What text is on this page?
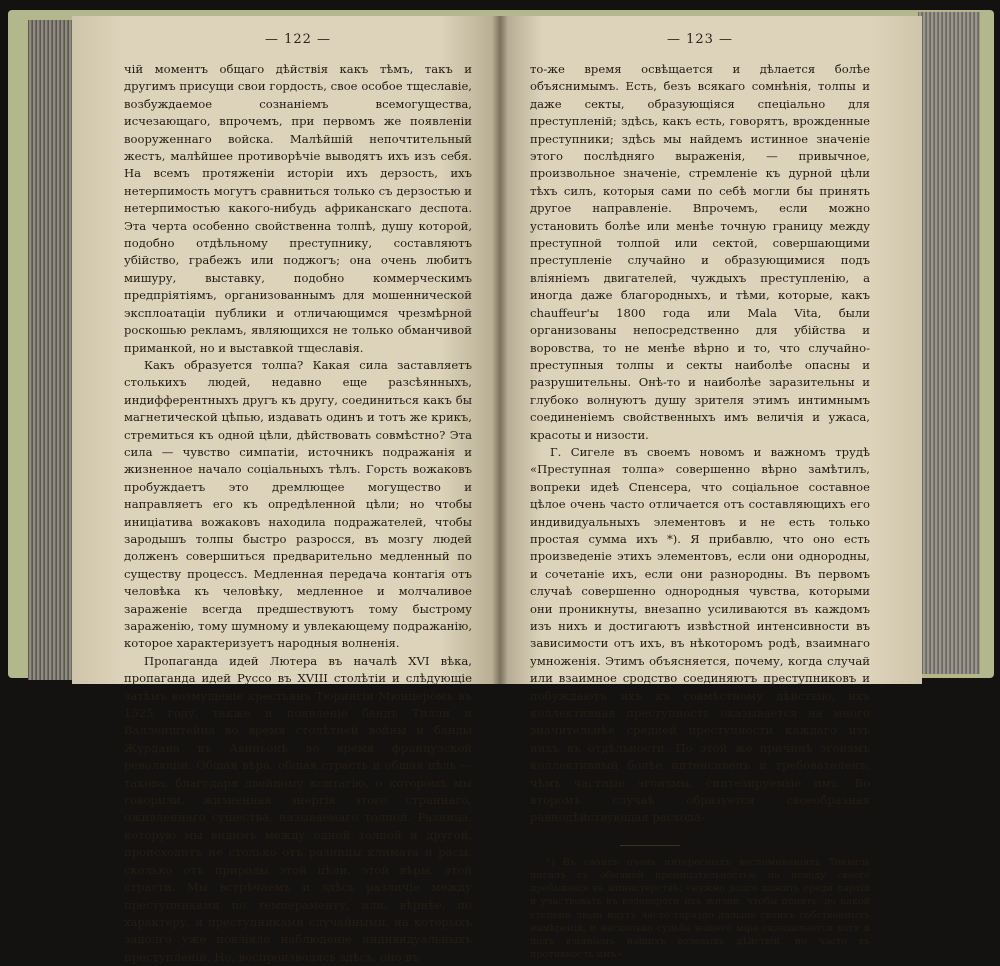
— 122 —

чій моментъ общаго дѣйствія какъ тѣмъ, такъ и другимъ присущи свои гордость, свое особое тщеславіе, возбуждаемое сознаніемъ всемогущества, исчезающаго, впрочемъ, при первомъ же появленіи вооруженнаго войска. Малѣйшій непочтительный жестъ, малѣйшее противорѣчіе выводятъ ихъ изъ себя. На всемъ протяженіи исторіи ихъ дерзость, ихъ нетерпимость могутъ сравниться только съ дерзостью и нетерпимостью какого-нибудь африканскаго деспота. Эта черта особенно свойственна толпѣ, душу которой, подобно отдѣльному преступнику, составляютъ убійство, грабежъ или поджогъ; она очень любитъ мишуру, выставку, подобно коммерческимъ предпріятіямъ, организованнымъ для мошеннической эксплоатаціи публики и отличающимся чрезмѣрной роскошью рекламъ, являющихся не только обманчивой приманкой, но и выставкой тщеславія.

Какъ образуется толпа? Какая сила заставляетъ столькихъ людей, недавно еще разсѣянныхъ, индифферентныхъ другъ къ другу, соединиться какъ бы магнетической цѣпью, издавать одинъ и тотъ же крикъ, стремиться къ одной цѣли, дѣйствовать совмѣстно? Эта сила — чувство симпатіи, источникъ подражанія и жизненное начало соціальныхъ тѣлъ. Горсть вожаковъ пробуждаетъ это дремлющее могущество и направляетъ его къ опредѣленной цѣли; но чтобы иниціатива вожаковъ находила подражателей, чтобы зародышъ толпы быстро разросся, въ мозгу людей долженъ совершиться предварительно медленный по существу процессъ. Медленная передача контагія отъ человѣка къ человѣку, медленное и молчаливое зараженіе всегда предшествуютъ тому быстрому зараженію, тому шумному и увлекающему подражанію, которое характеризуетъ народныя волненія.

Пропаганда идей Лютера въ началѣ XVI вѣка, пропаганда идей Руссо въ XVIII столѣтіи и слѣдующіе затѣмъ возмущеніе крестьянъ Тюрингіи Мюнцеромъ въ 1525 году, также и появленіе бандъ Тилли и Валленштейна во время столѣтней войны и банды Журдана въ Авиньонѣ во время французской революціи. Общая вѣра, общая страсть и общая цѣль — такова, благодаря двойному контагію, о которомъ мы говорили, жизненная энергія этого страннаго, оживленнаго существа, называемаго толпой. Разница, которую мы видимъ между одной толпой и другой, происходитъ не столько отъ разницы климата и расы, сколько отъ природы этой цѣли, этой вѣры, этой страсти. Мы встрѣчаемъ и здѣсь различіе между преступниками по темпераменту, или, вѣрнѣе, по характеру, и преступниками случайными, на которыхъ задолго уже повліяло наблюденіе индивидуальныхъ преступленій. Но, воспроизводясь здѣсь, оно въ

— 123 —

то-же время освѣщается и дѣлается болѣе объяснимымъ. Есть, безъ всякаго сомнѣнія, толпы и даже секты, образующіяся спеціально для преступленій; здѣсь, какъ есть, говорятъ, врожденные преступники; здѣсь мы найдемъ истинное значеніе этого послѣдняго выраженія, — привычное, произвольное значеніе, стремленіе къ дурной цѣли тѣхъ силъ, которыя сами по себѣ могли бы принять другое направленіе. Впрочемъ, если можно установить болѣе или менѣе точную границу между преступной толпой или сектой, совершающими преступленіе случайно и образующимися подъ вліяніемъ двигателей, чуждыхъ преступленію, а иногда даже благородныхъ, и тѣми, которые, какъ chauffeur'ы 1800 года или Mala Vita, были организованы непосредственно для убійства и воровства, то не менѣе вѣрно и то, что случайно-преступныя толпы и секты наиболѣе опасны и разрушительны. Онѣ-то и наиболѣе заразительны и глубоко волнуютъ душу зрителя этимъ интимнымъ соединеніемъ свойственныхъ имъ величія и ужаса, красоты и низости.

Г. Сигеле въ своемъ новомъ и важномъ трудѣ «Преступная толпа» совершенно вѣрно замѣтилъ, вопреки идеѣ Спенсера, что соціальное составное цѣлое очень часто отличается отъ составляющихъ его индивидуальныхъ элементовъ и не есть только простая сумма ихъ *). Я прибавлю, что оно есть произведеніе этихъ элементовъ, если они однородны, и сочетаніе ихъ, если они разнородны. Въ первомъ случаѣ совершенно однородныя чувства, которыми они проникнуты, внезапно усиливаются въ каждомъ изъ нихъ и достигаютъ извѣстной интенсивности въ зависимости отъ ихъ, въ нѣкоторомъ родѣ, взаимнаго умноженія. Этимъ объясняется, почему, когда случай или взаимное сродство соединяютъ преступниковъ и побуждаютъ ихъ къ совмѣстному дѣйствію, ихъ коллективная преступность оказывается на много значительнѣе средней преступности каждаго изъ нихъ въ отдѣльности. По этой же причинѣ эгоизмъ коллективный болѣе интенсивенъ и требователенъ, чѣмъ частные эгоизмы, синтезируемые имъ. Во второмъ случаѣ образуется своеобразная равнодѣйствующая расхода-

*) Въ своихъ очень интересныхъ воспоминаніяхъ Токвиль писалъ съ обычной проницательностью по поводу своего пребыванія въ министерствѣ: «нужно долго пожить среди партій и участвовать въ водовороти ихъ жизни, чтобы понять, до какой степени люди идутъ часто гораздо дальше своихъ собственныхъ намѣреній, и насколько судьба нашего міра складывается хотя и подъ вліяніемъ нашихъ волевыхъ дѣйствій, но часто въ противность имъ».
